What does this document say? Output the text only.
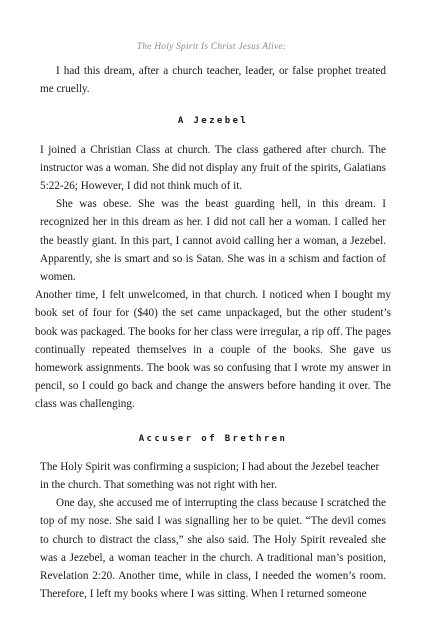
The Holy Spirit Is Christ Jesus Alive:

I had this dream, after a church teacher, leader, or false prophet treated me cruelly.

A Jezebel

I joined a Christian Class at church. The class gathered after church. The instructor was a woman. She did not display any fruit of the spirits, Galatians 5:22-26; However, I did not think much of it.

She was obese. She was the beast guarding hell, in this dream. I recognized her in this dream as her. I did not call her a woman. I called her the beastly giant. In this part, I cannot avoid calling her a woman, a Jezebel. Apparently, she is smart and so is Satan. She was in a schism and faction of women.

Another time, I felt unwelcomed, in that church. I noticed when I bought my book set of four for ($40) the set came unpackaged, but the other student’s book was packaged. The books for her class were irregular, a rip off. The pages continually repeated themselves in a couple of the books. She gave us homework assignments. The book was so confusing that I wrote my answer in pencil, so I could go back and change the answers before handing it over. The class was challenging.

Accuser of Brethren

The Holy Spirit was confirming a suspicion; I had about the Jezebel teacher in the church. That something was not right with her.

One day, she accused me of interrupting the class because I scratched the top of my nose. She said I was signalling her to be quiet. “The devil comes to church to distract the class,” she also said. The Holy Spirit revealed she was a Jezebel, a woman teacher in the church. A traditional man’s position, Revelation 2:20. Another time, while in class, I needed the women’s room. Therefore, I left my books where I was sitting. When I returned someone
